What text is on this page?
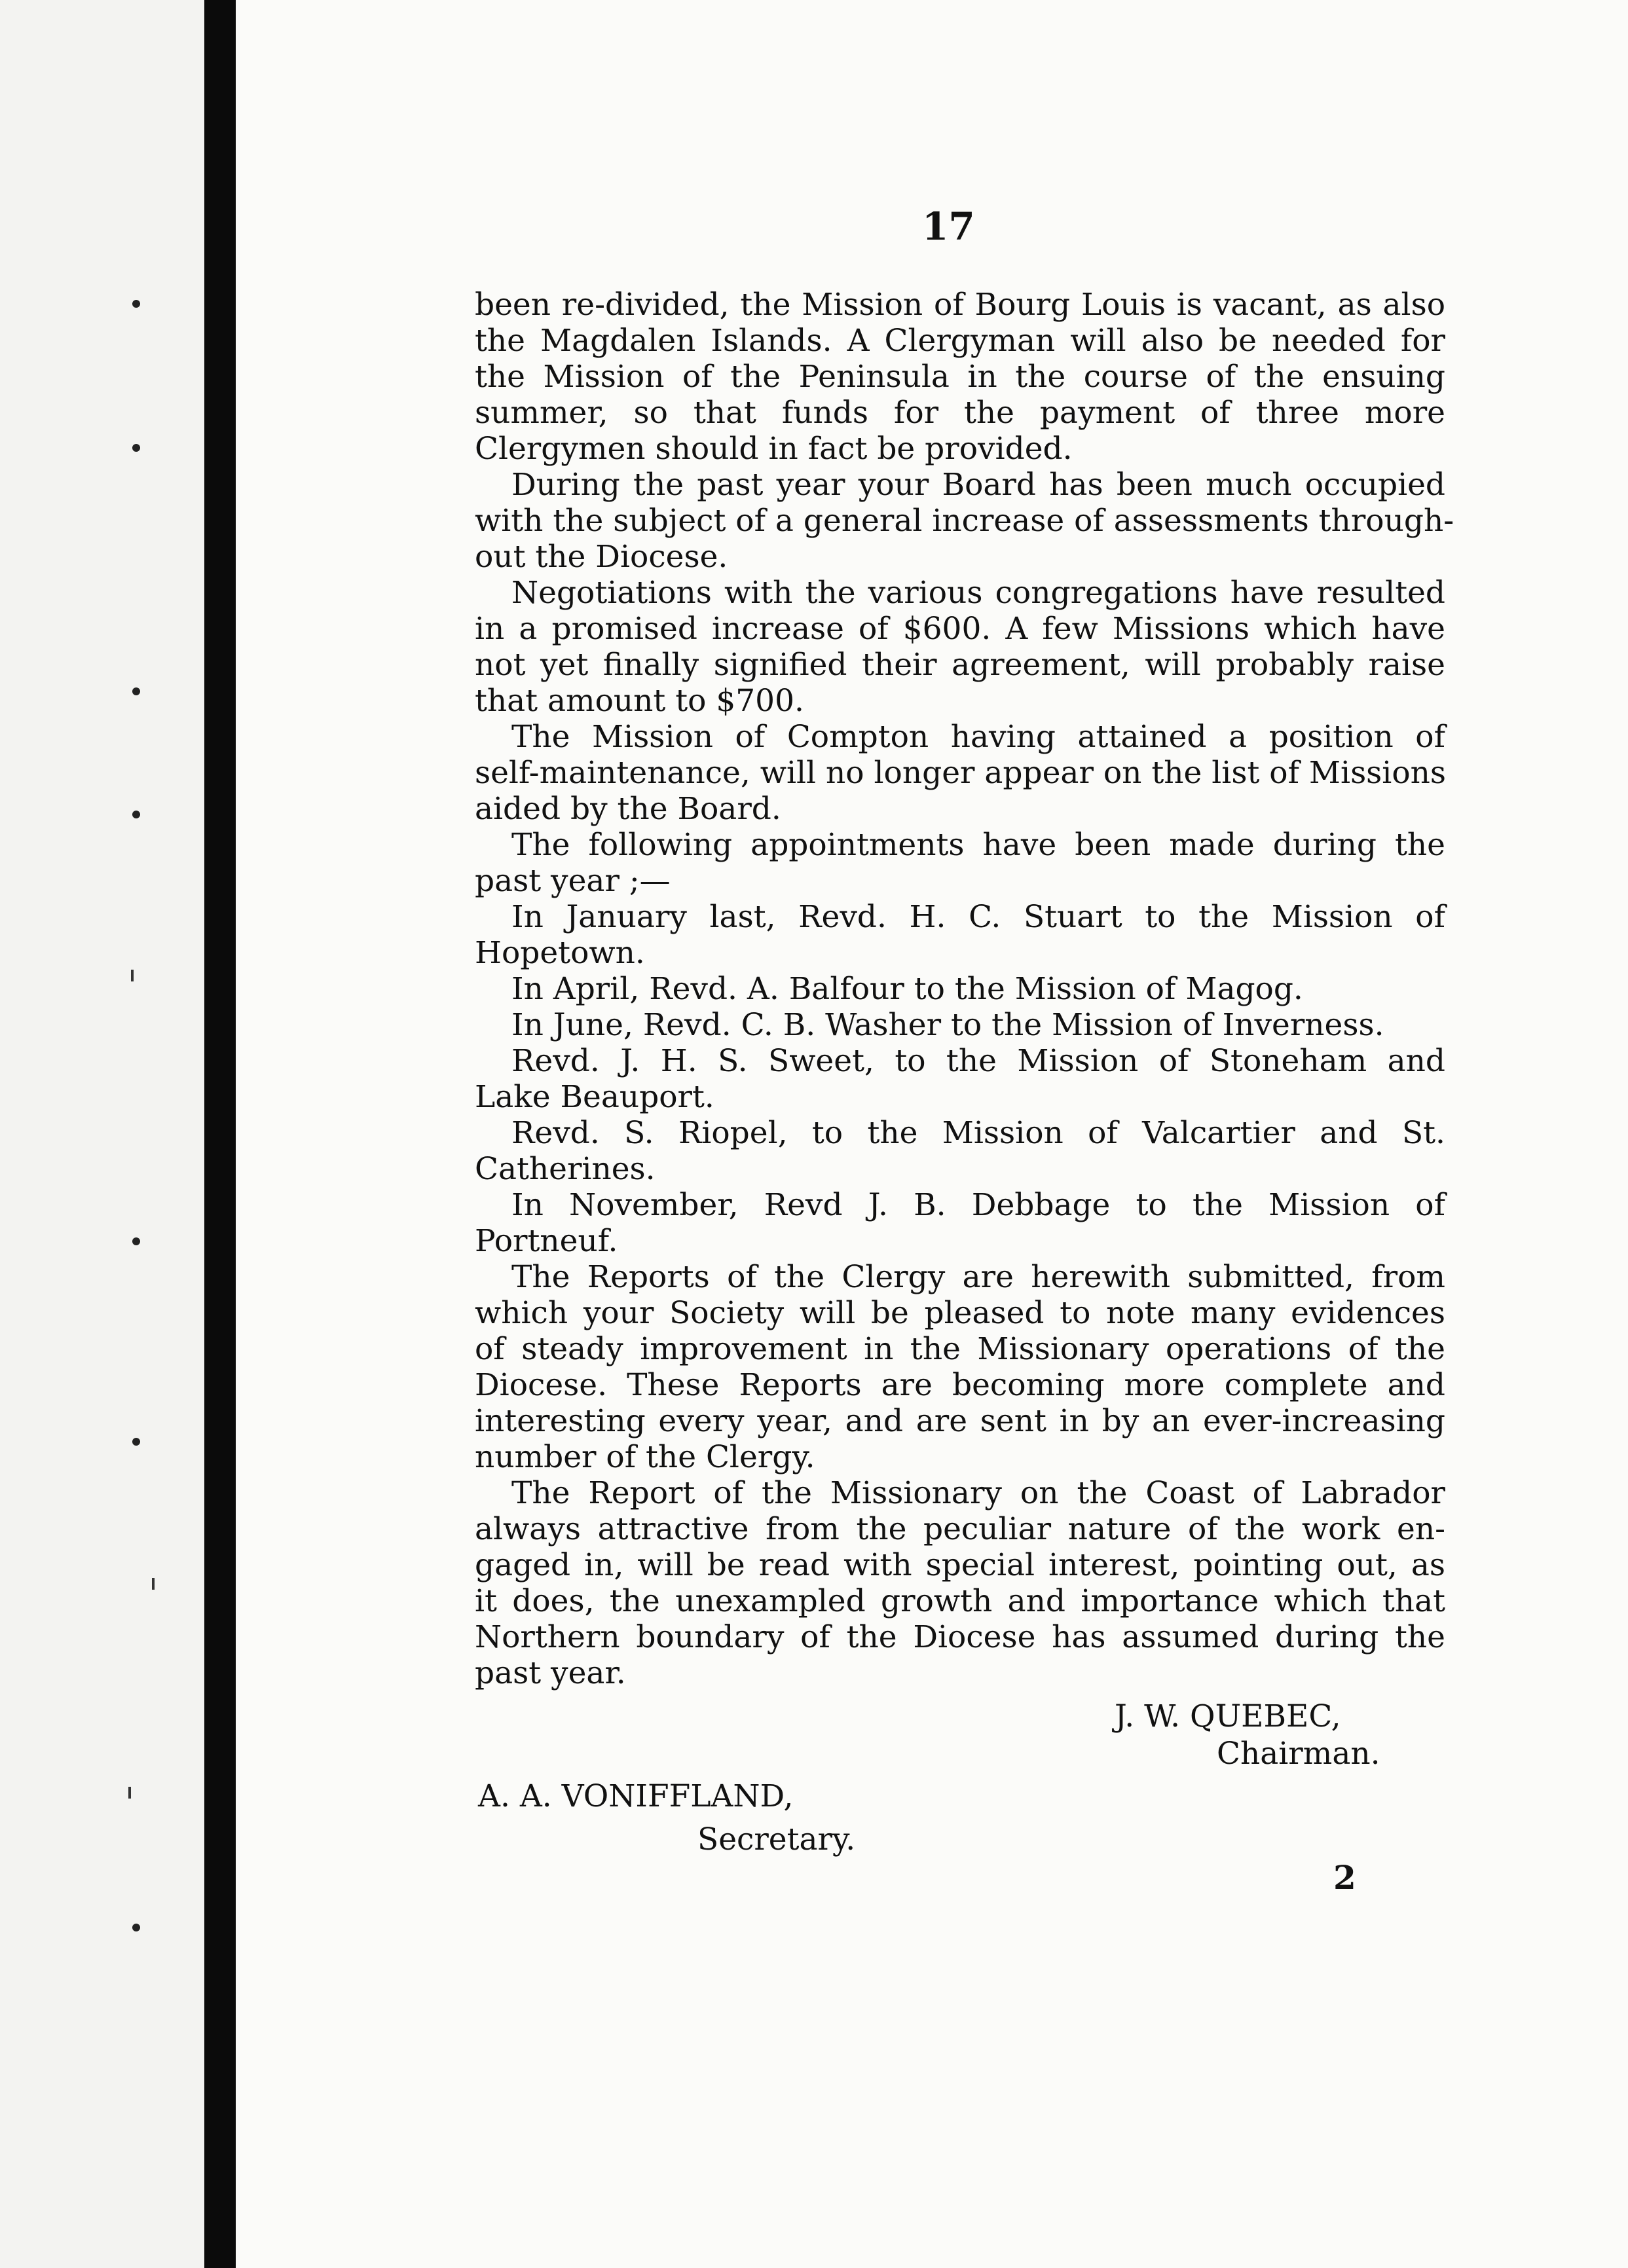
17

been re-divided, the Mission of Bourg Louis is vacant, as also
the Magdalen Islands. A Clergyman will also be needed for
the Mission of the Peninsula in the course of the ensuing
summer, so that funds for the payment of three more
Clergymen should in fact be provided.

During the past year your Board has been much occupied
with the subject of a general increase of assessments through-
out the Diocese.

Negotiations with the various congregations have resulted
in a promised increase of $600. A few Missions which have
not yet finally signified their agreement, will probably raise
that amount to $700.

The Mission of Compton having attained a position of
self-maintenance, will no longer appear on the list of Missions
aided by the Board.

The following appointments have been made during the
past year ;—

In January last, Revd. H. C. Stuart to the Mission of
Hopetown.

In April, Revd. A. Balfour to the Mission of Magog.

In June, Revd. C. B. Washer to the Mission of Inverness.

Revd. J. H. S. Sweet, to the Mission of Stoneham and
Lake Beauport.

Revd. S. Riopel, to the Mission of Valcartier and St.
Catherines.

In November, Revd J. B. Debbage to the Mission of
Portneuf.

The Reports of the Clergy are herewith submitted, from
which your Society will be pleased to note many evidences
of steady improvement in the Missionary operations of the
Diocese. These Reports are becoming more complete and
interesting every year, and are sent in by an ever-increasing
number of the Clergy.

The Report of the Missionary on the Coast of Labrador
always attractive from the peculiar nature of the work en-
gaged in, will be read with special interest, pointing out, as
it does, the unexampled growth and importance which that
Northern boundary of the Diocese has assumed during the
past year.

J. W. QUEBEC,

Chairman.

A. A. VONIFFLAND,

Secretary.

2
